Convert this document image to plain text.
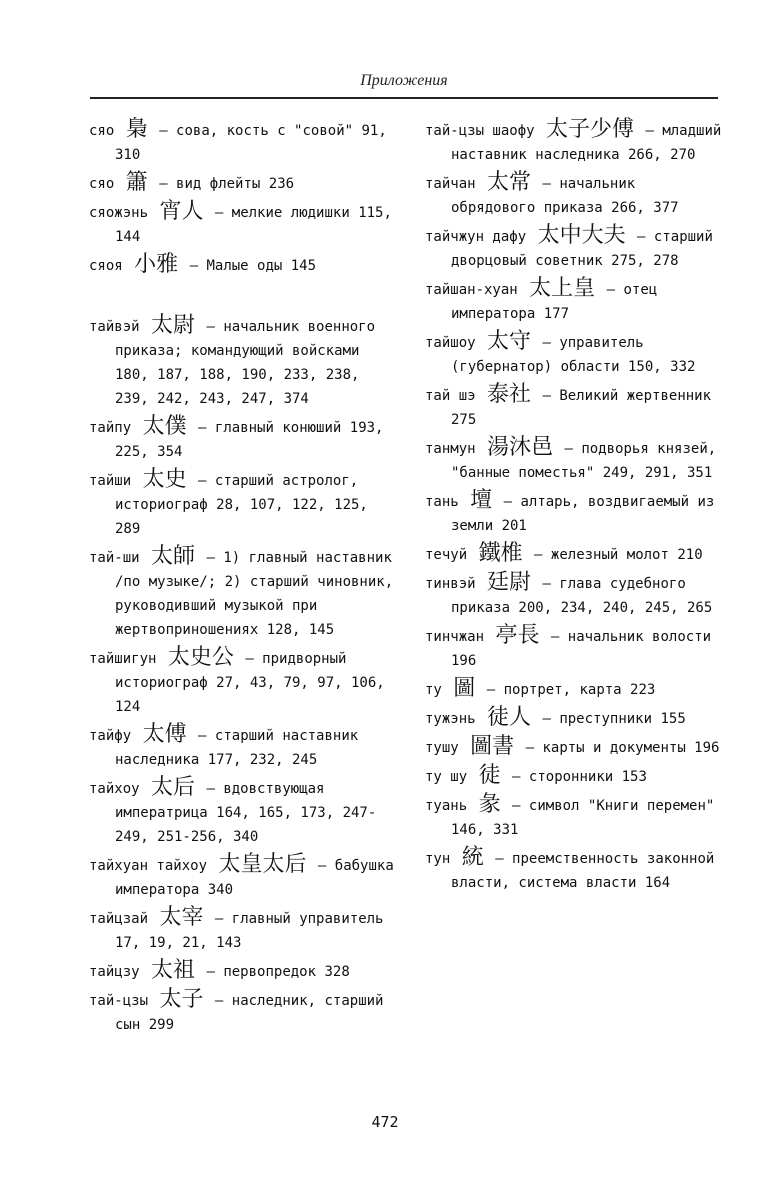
Приложения
сяо 梟 – сова, кость с "совой" 91, 310
сяо 簫 – вид флейты 236
сяожэнь 宵人 – мелкие людишки 115, 144
сяоя 小雅 – Малые оды 145
тайвэй 太尉 – начальник военного приказа; командующий войсками 180, 187, 188, 190, 233, 238, 239, 242, 243, 247, 374
тайпу 太僕 – главный конюший 193, 225, 354
тайши 太史 – старший астролог, историограф 28, 107, 122, 125, 289
тай-ши 太師 – 1) главный наставник /по музыке/; 2) старший чиновник, руководивший музыкой при жертвоприношениях 128, 145
тайшигун 太史公 – придворный историограф 27, 43, 79, 97, 106, 124
тайфу 太傅 – старший наставник наследника 177, 232, 245
тайхоу 太后 – вдовствующая императрица 164, 165, 173, 247-249, 251-256, 340
тайхуан тайхоу 太皇太后 – бабушка императора 340
тайцзай 太宰 – главный управитель 17, 19, 21, 143
тайцзу 太祖 – первопредок 328
тай-цзы 太子 – наследник, старший сын 299
тай-цзы шаофу 太子少傅 – младший наставник наследника 266, 270
тайчан 太常 – начальник обрядового приказа 266, 377
тайчжун дафу 太中大夫 – старший дворцовый советник 275, 278
тайшан-хуан 太上皇 – отец императора 177
тайшоу 太守 – управитель (губернатор) области 150, 332
тай шэ 泰社 – Великий жертвенник 275
танмун 湯沐邑 – подворья князей, "банные поместья" 249, 291, 351
тань 壇 – алтарь, воздвигаемый из земли 201
течуй 鐵椎 – железный молот 210
тинвэй 廷尉 – глава судебного приказа 200, 234, 240, 245, 265
тинчжан 亭長 – начальник волости 196
ту 圖 – портрет, карта 223
тужэнь 徒人 – преступники 155
тушу 圖書 – карты и документы 196
ту шу 徒 – сторонники 153
туань 彖 – символ "Книги перемен" 146, 331
тун 統 – преемственность законной власти, система власти 164
472
